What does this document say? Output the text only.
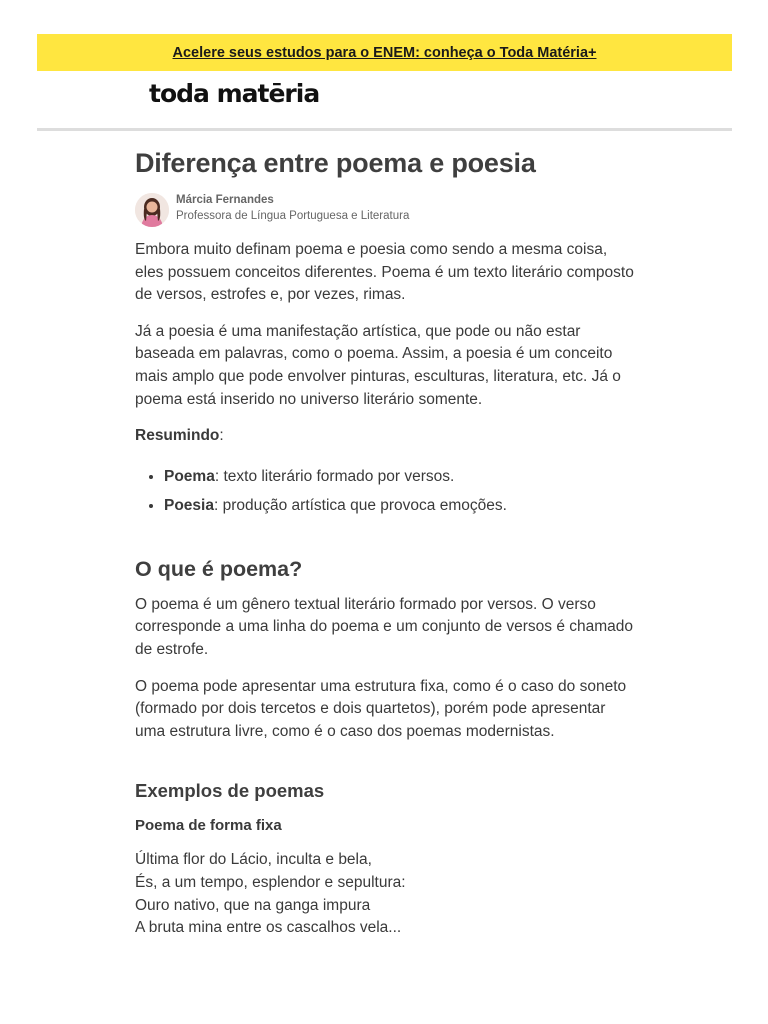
Acelere seus estudos para o ENEM: conheça o Toda Matéria+
toda matēria
Diferença entre poema e poesia
Márcia Fernandes
Professora de Língua Portuguesa e Literatura

Embora muito definam poema e poesia como sendo a mesma coisa, eles possuem conceitos diferentes. Poema é um texto literário composto de versos, estrofes e, por vezes, rimas.

Já a poesia é uma manifestação artística, que pode ou não estar baseada em palavras, como o poema. Assim, a poesia é um conceito mais amplo que pode envolver pinturas, esculturas, literatura, etc. Já o poema está inserido no universo literário somente.

Resumindo:

• Poema: texto literário formado por versos.
• Poesia: produção artística que provoca emoções.
O que é poema?

O poema é um gênero textual literário formado por versos. O verso corresponde a uma linha do poema e um conjunto de versos é chamado de estrofe.

O poema pode apresentar uma estrutura fixa, como é o caso do soneto (formado por dois tercetos e dois quartetos), porém pode apresentar uma estrutura livre, como é o caso dos poemas modernistas.

Exemplos de poemas
Poema de forma fixa
Última flor do Lácio, inculta e bela,
És, a um tempo, esplendor e sepultura:
Ouro nativo, que na ganga impura
A bruta mina entre os cascalhos vela...
